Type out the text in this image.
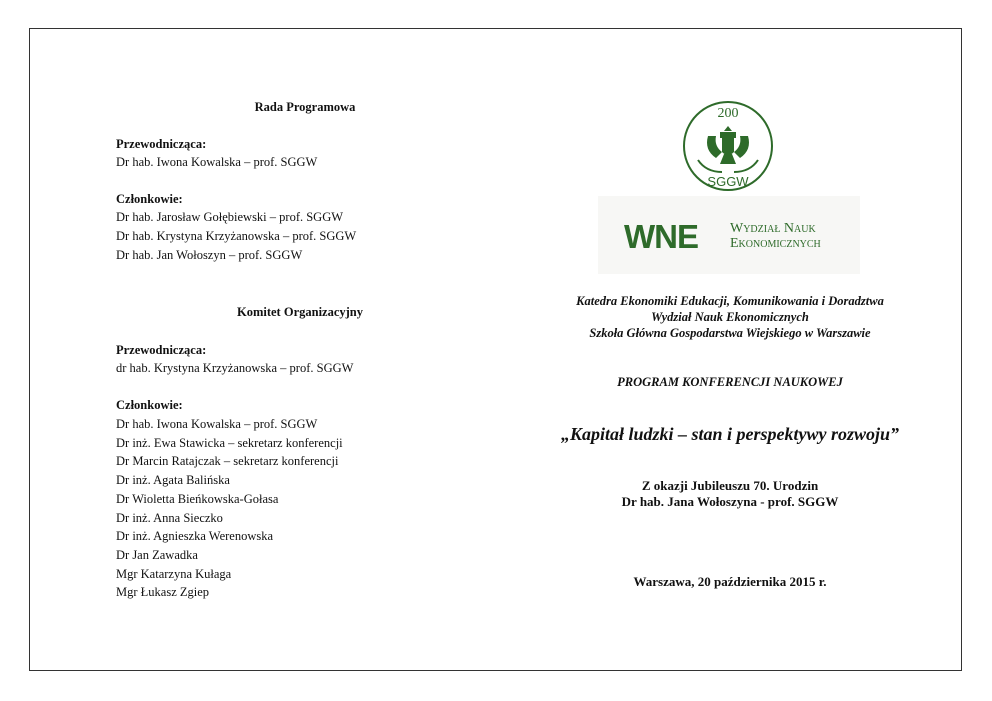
Rada Programowa
Przewodnicząca:
Dr hab. Iwona Kowalska – prof. SGGW
Członkowie:
Dr hab. Jarosław Gołębiewski – prof. SGGW
Dr hab. Krystyna Krzyżanowska – prof. SGGW
Dr hab. Jan Wołoszyn – prof. SGGW
Komitet Organizacyjny
Przewodnicząca:
dr hab. Krystyna Krzyżanowska – prof. SGGW
Członkowie:
Dr hab. Iwona Kowalska – prof. SGGW
Dr inż. Ewa Stawicka – sekretarz konferencji
Dr Marcin Ratajczak – sekretarz konferencji
Dr inż. Agata Balińska
Dr Wioletta Bieńkowska-Gołasa
Dr inż. Anna Sieczko
Dr inż. Agnieszka Werenowska
Dr Jan Zawadka
Mgr Katarzyna Kułaga
Mgr Łukasz Zgiep
200
SGGW
WNE Wydział Nauk
Ekonomicznych
Katedra Ekonomiki Edukacji, Komunikowania i Doradztwa
Wydział Nauk Ekonomicznych
Szkoła Główna Gospodarstwa Wiejskiego w Warszawie
PROGRAM KONFERENCJI NAUKOWEJ
„Kapitał ludzki – stan i perspektywy rozwoju”
Z okazji Jubileuszu 70. Urodzin
Dr hab. Jana Wołoszyna - prof. SGGW
Warszawa, 20 października 2015 r.
